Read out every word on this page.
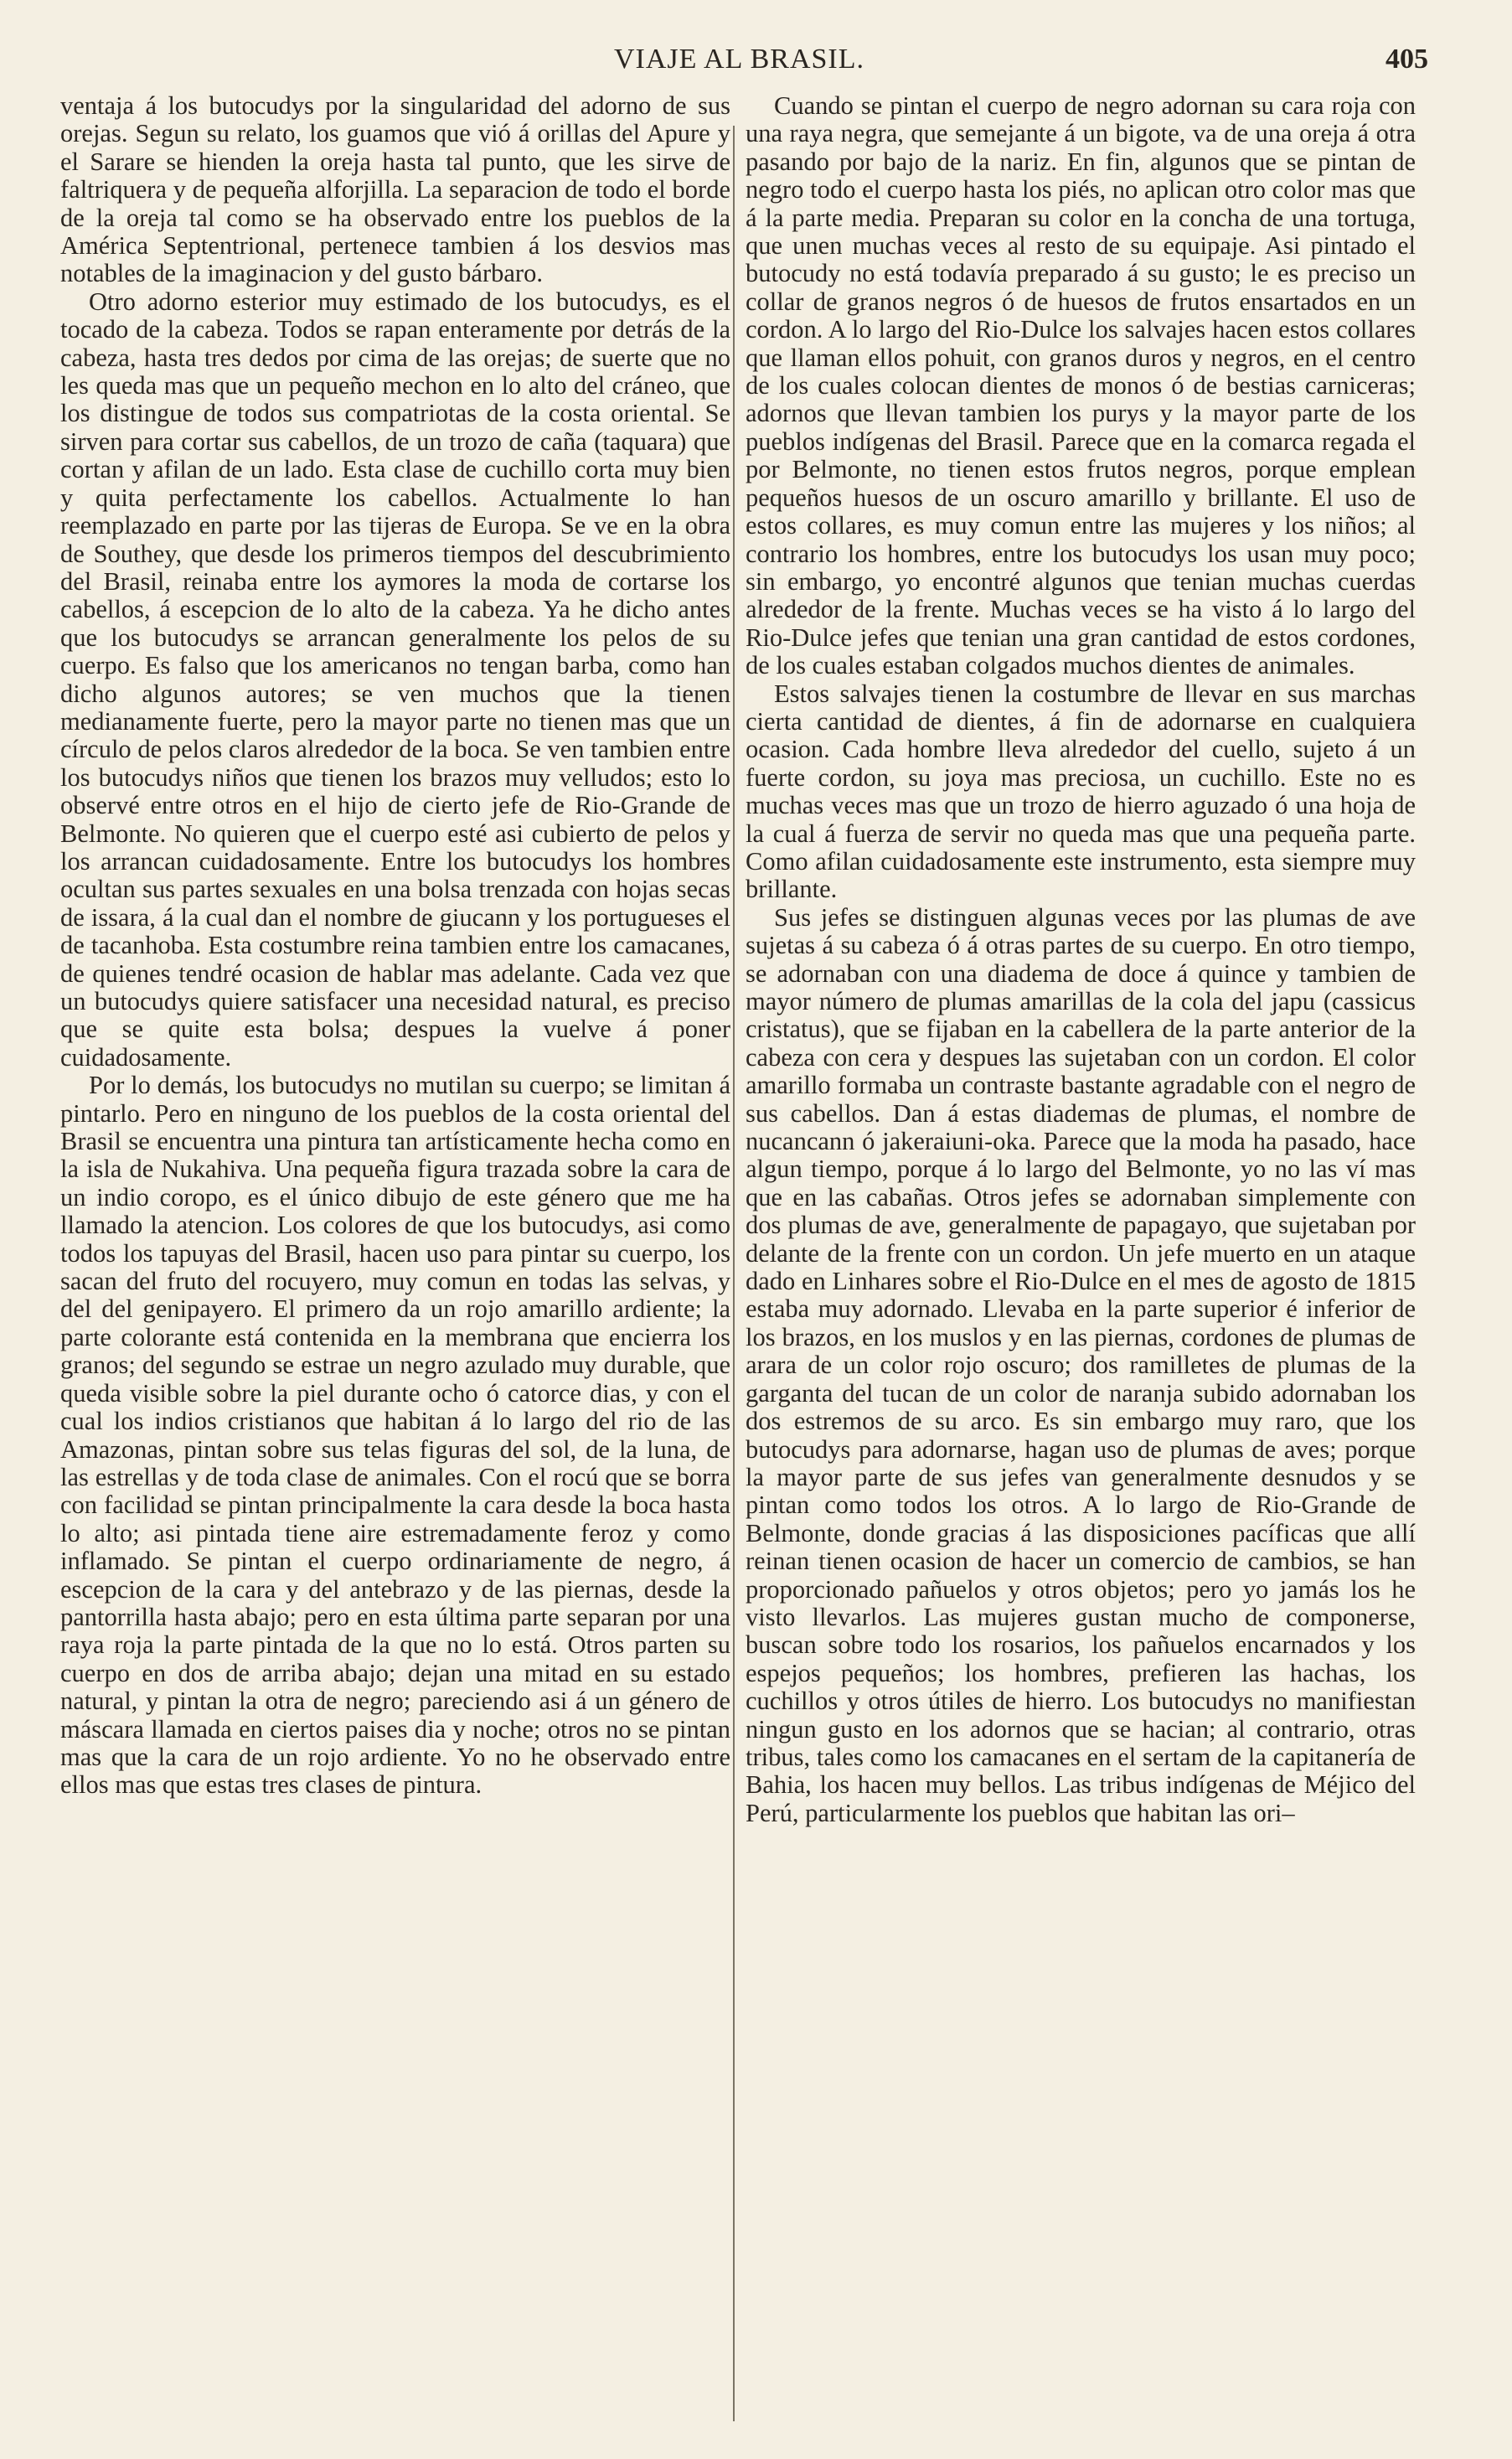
VIAJE AL BRASIL.	405

ventaja á los butocudys por la singularidad del adorno de sus orejas. Segun su relato, los guamos que vió á orillas del Apure y el Sarare se hienden la oreja hasta tal punto, que les sirve de faltriquera y de pequeña alforjilla. La separacion de todo el borde de la oreja tal como se ha observado entre los pueblos de la América Septentrional, pertenece tambien á los desvios mas notables de la imaginacion y del gusto bárbaro.

Otro adorno esterior muy estimado de los butocudys, es el tocado de la cabeza. Todos se rapan enteramente por detrás de la cabeza, hasta tres dedos por cima de las orejas; de suerte que no les queda mas que un pequeño mechon en lo alto del cráneo, que los distingue de todos sus compatriotas de la costa oriental. Se sirven para cortar sus cabellos, de un trozo de caña (taquara) que cortan y afilan de un lado. Esta clase de cuchillo corta muy bien y quita perfectamente los cabellos. Actualmente lo han reemplazado en parte por las tijeras de Europa. Se ve en la obra de Southey, que desde los primeros tiempos del descubrimiento del Brasil, reinaba entre los aymores la moda de cortarse los cabellos, á escepcion de lo alto de la cabeza. Ya he dicho antes que los butocudys se arrancan generalmente los pelos de su cuerpo. Es falso que los americanos no tengan barba, como han dicho algunos autores; se ven muchos que la tienen medianamente fuerte, pero la mayor parte no tienen mas que un círculo de pelos claros alrededor de la boca. Se ven tambien entre los butocudys niños que tienen los brazos muy velludos; esto lo observé entre otros en el hijo de cierto jefe de Rio-Grande de Belmonte. No quieren que el cuerpo esté asi cubierto de pelos y los arrancan cuidadosamente. Entre los butocudys los hombres ocultan sus partes sexuales en una bolsa trenzada con hojas secas de issara, á la cual dan el nombre de giucann y los portugueses el de tacanhoba. Esta costumbre reina tambien entre los camacanes, de quienes tendré ocasion de hablar mas adelante. Cada vez que un butocudys quiere satisfacer una necesidad natural, es preciso que se quite esta bolsa; despues la vuelve á poner cuidadosamente.

Por lo demás, los butocudys no mutilan su cuerpo; se limitan á pintarlo. Pero en ninguno de los pueblos de la costa oriental del Brasil se encuentra una pintura tan artísticamente hecha como en la isla de Nukahiva. Una pequeña figura trazada sobre la cara de un indio coropo, es el único dibujo de este género que me ha llamado la atencion. Los colores de que los butocudys, asi como todos los tapuyas del Brasil, hacen uso para pintar su cuerpo, los sacan del fruto del rocuyero, muy comun en todas las selvas, y del del genipayero. El primero da un rojo amarillo ardiente; la parte colorante está contenida en la membrana que encierra los granos; del segundo se estrae un negro azulado muy durable, que queda visible sobre la piel durante ocho ó catorce dias, y con el cual los indios cristianos que habitan á lo largo del rio de las Amazonas, pintan sobre sus telas figuras del sol, de la luna, de las estrellas y de toda clase de animales. Con el rocú que se borra con facilidad se pintan principalmente la cara desde la boca hasta lo alto; asi pintada tiene aire estremadamente feroz y como inflamado. Se pintan el cuerpo ordinariamente de negro, á escepcion de la cara y del antebrazo y de las piernas, desde la pantorrilla hasta abajo; pero en esta última parte separan por una raya roja la parte pintada de la que no lo está. Otros parten su cuerpo en dos de arriba abajo; dejan una mitad en su estado natural, y pintan la otra de negro; pareciendo asi á un género de máscara llamada en ciertos paises dia y noche; otros no se pintan mas que la cara de un rojo ardiente. Yo no he observado entre ellos mas que estas tres clases de pintura.

Cuando se pintan el cuerpo de negro adornan su cara roja con una raya negra, que semejante á un bigote, va de una oreja á otra pasando por bajo de la nariz. En fin, algunos que se pintan de negro todo el cuerpo hasta los piés, no aplican otro color mas que á la parte media. Preparan su color en la concha de una tortuga, que unen muchas veces al resto de su equipaje. Asi pintado el butocudy no está todavía preparado á su gusto; le es preciso un collar de granos negros ó de huesos de frutos ensartados en un cordon. A lo largo del Rio-Dulce los salvajes hacen estos collares que llaman ellos pohuit, con granos duros y negros, en el centro de los cuales colocan dientes de monos ó de bestias carniceras; adornos que llevan tambien los purys y la mayor parte de los pueblos indígenas del Brasil. Parece que en la comarca regada el por Belmonte, no tienen estos frutos negros, porque emplean pequeños huesos de un oscuro amarillo y brillante. El uso de estos collares, es muy comun entre las mujeres y los niños; al contrario los hombres, entre los butocudys los usan muy poco; sin embargo, yo encontré algunos que tenian muchas cuerdas alrededor de la frente. Muchas veces se ha visto á lo largo del Rio-Dulce jefes que tenian una gran cantidad de estos cordones, de los cuales estaban colgados muchos dientes de animales.

Estos salvajes tienen la costumbre de llevar en sus marchas cierta cantidad de dientes, á fin de adornarse en cualquiera ocasion. Cada hombre lleva alrededor del cuello, sujeto á un fuerte cordon, su joya mas preciosa, un cuchillo. Este no es muchas veces mas que un trozo de hierro aguzado ó una hoja de la cual á fuerza de servir no queda mas que una pequeña parte. Como afilan cuidadosamente este instrumento, esta siempre muy brillante.

Sus jefes se distinguen algunas veces por las plumas de ave sujetas á su cabeza ó á otras partes de su cuerpo. En otro tiempo, se adornaban con una diadema de doce á quince y tambien de mayor número de plumas amarillas de la cola del japu (cassicus cristatus), que se fijaban en la cabellera de la parte anterior de la cabeza con cera y despues las sujetaban con un cordon. El color amarillo formaba un contraste bastante agradable con el negro de sus cabellos. Dan á estas diademas de plumas, el nombre de nucancann ó jakeraiuni-oka. Parece que la moda ha pasado, hace algun tiempo, porque á lo largo del Belmonte, yo no las ví mas que en las cabañas. Otros jefes se adornaban simplemente con dos plumas de ave, generalmente de papagayo, que sujetaban por delante de la frente con un cordon. Un jefe muerto en un ataque dado en Linhares sobre el Rio-Dulce en el mes de agosto de 1815 estaba muy adornado. Llevaba en la parte superior é inferior de los brazos, en los muslos y en las piernas, cordones de plumas de arara de un color rojo oscuro; dos ramilletes de plumas de la garganta del tucan de un color de naranja subido adornaban los dos estremos de su arco. Es sin embargo muy raro, que los butocudys para adornarse, hagan uso de plumas de aves; porque la mayor parte de sus jefes van generalmente desnudos y se pintan como todos los otros. A lo largo de Rio-Grande de Belmonte, donde gracias á las disposiciones pacíficas que allí reinan tienen ocasion de hacer un comercio de cambios, se han proporcionado pañuelos y otros objetos; pero yo jamás los he visto llevarlos. Las mujeres gustan mucho de componerse, buscan sobre todo los rosarios, los pañuelos encarnados y los espejos pequeños; los hombres, prefieren las hachas, los cuchillos y otros útiles de hierro. Los butocudys no manifiestan ningun gusto en los adornos que se hacian; al contrario, otras tribus, tales como los camacanes en el sertam de la capitanería de Bahia, los hacen muy bellos. Las tribus indígenas de Méjico del Perú, particularmente los pueblos que habitan las ori–
